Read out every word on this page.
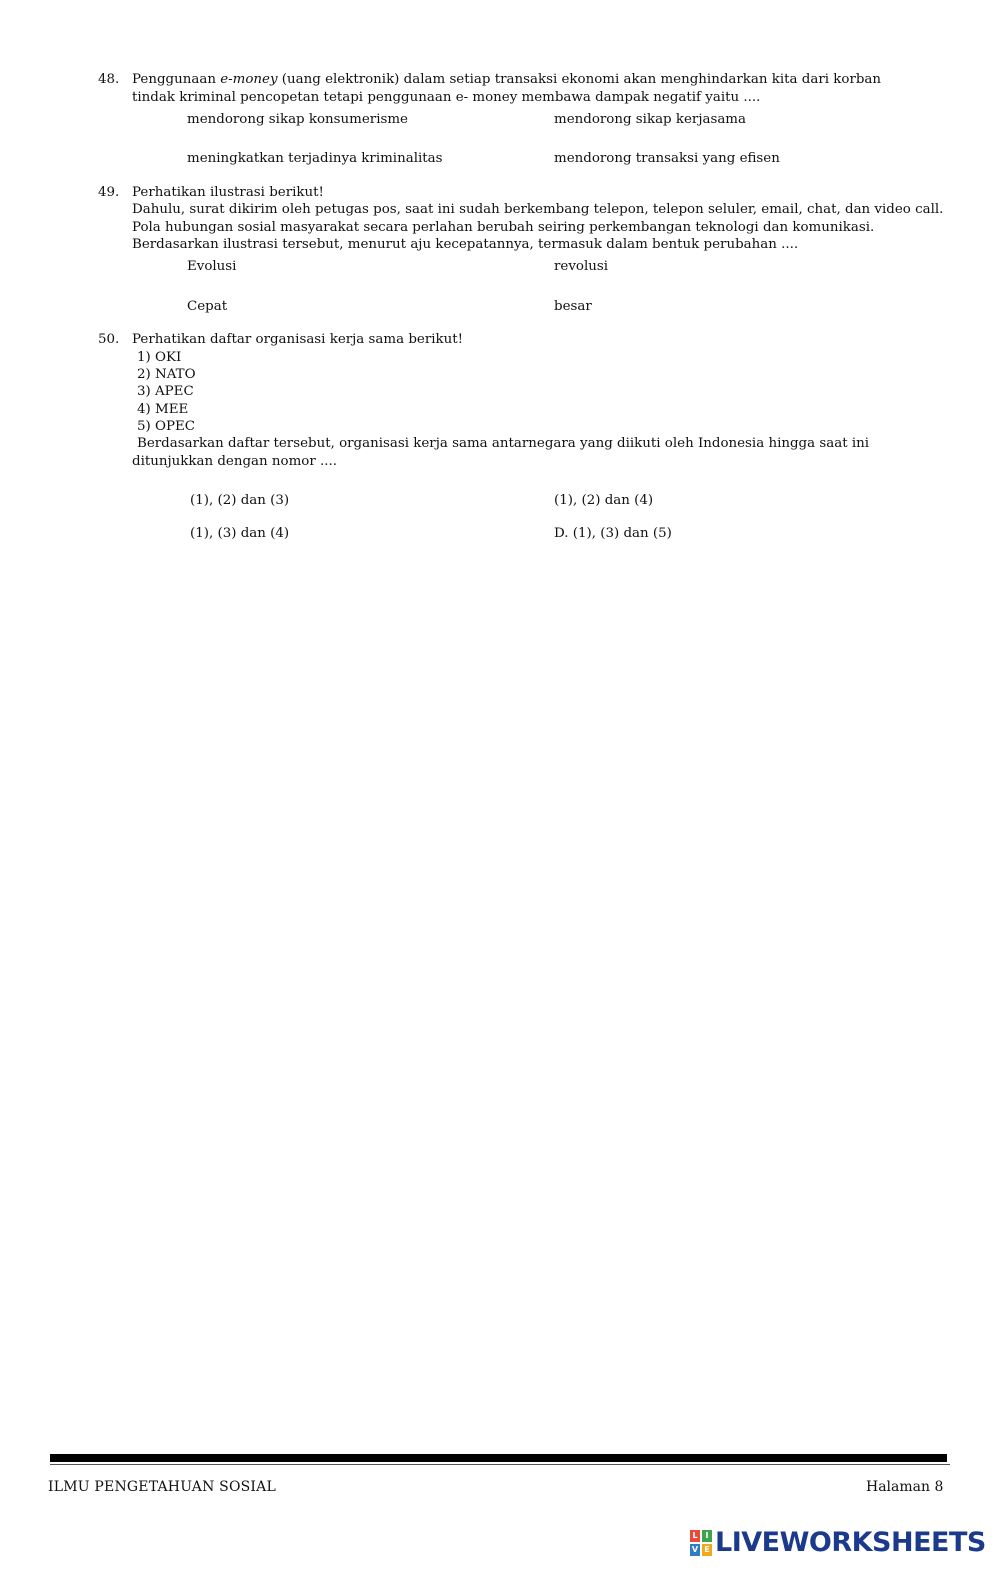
48. Penggunaan e-money (uang elektronik) dalam setiap transaksi ekonomi akan menghindarkan kita dari korban
tindak kriminal pencopetan tetapi penggunaan e- money membawa dampak negatif yaitu ....
mendorong sikap konsumerisme	mendorong sikap kerjasama
meningkatkan terjadinya kriminalitas	mendorong transaksi yang efisen
49. Perhatikan ilustrasi berikut!
Dahulu, surat dikirim oleh petugas pos, saat ini sudah berkembang telepon, telepon seluler, email, chat, dan video call.
Pola hubungan sosial masyarakat secara perlahan berubah seiring perkembangan teknologi dan komunikasi.
Berdasarkan ilustrasi tersebut, menurut aju kecepatannya, termasuk dalam bentuk perubahan ....
Evolusi	revolusi
Cepat	besar
50. Perhatikan daftar organisasi kerja sama berikut!
1) OKI
2) NATO
3) APEC
4) MEE
5) OPEC
Berdasarkan daftar tersebut, organisasi kerja sama antarnegara yang diikuti oleh Indonesia hingga saat ini
ditunjukkan dengan nomor ....
(1), (2) dan (3)	(1), (2) dan (4)
(1), (3) dan (4)	D. (1), (3) dan (5)
ILMU PENGETAHUAN SOSIAL	Halaman 8
L I
V E LIVEWORKSHEETS
